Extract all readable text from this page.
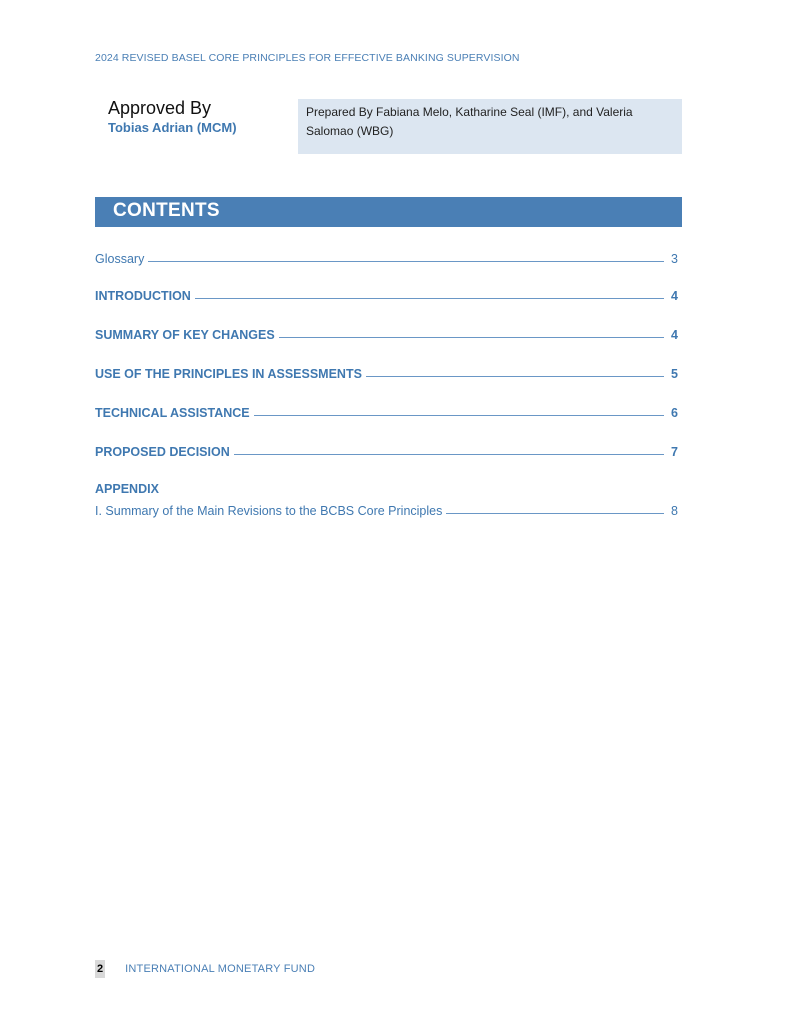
2024 REVISED BASEL CORE PRINCIPLES FOR EFFECTIVE BANKING SUPERVISION
Approved By
Tobias Adrian (MCM)
Prepared By Fabiana Melo, Katharine Seal (IMF), and Valeria Salomao (WBG)
CONTENTS
Glossary	3
INTRODUCTION	4
SUMMARY OF KEY CHANGES	4
USE OF THE PRINCIPLES IN ASSESSMENTS	5
TECHNICAL ASSISTANCE	6
PROPOSED DECISION	7
APPENDIX
I. Summary of the Main Revisions to the BCBS Core Principles	8
2 INTERNATIONAL MONETARY FUND
